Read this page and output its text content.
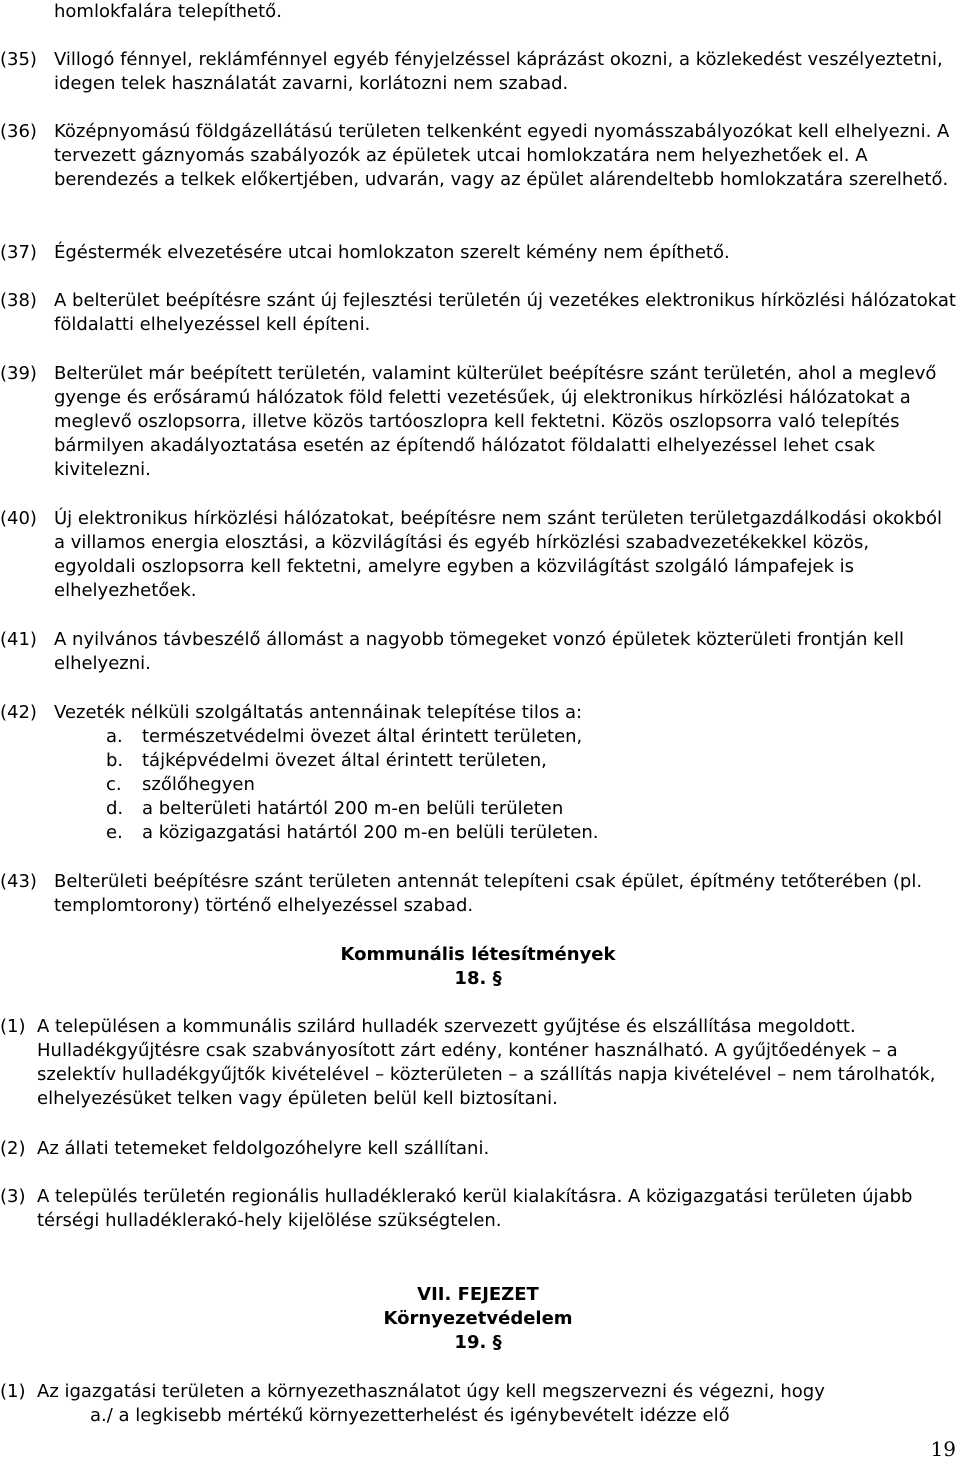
homlokfalára telepíthető.
(35) Villogó fénnyel, reklámfénnyel egyéb fényjelzéssel káprázást okozni, a közlekedést veszélyeztetni, idegen telek használatát zavarni, korlátozni nem szabad.
(36) Középnyomású földgázellátású területen telkenként egyedi nyomásszabályozókat kell elhelyezni. A tervezett gáznyomás szabályozók az épületek utcai homlokzatára nem helyezhetőek el. A berendezés a telkek előkertjében, udvarán, vagy az épület alárendeltebb homlokzatára szerelhető.
(37) Égéstermék elvezetésére utcai homlokzaton szerelt kémény nem építhető.
(38) A belterület beépítésre szánt új fejlesztési területén új vezetékes elektronikus hírközlési hálózatokat földalatti elhelyezéssel kell építeni.
(39) Belterület már beépített területén, valamint külterület beépítésre szánt területén, ahol a meglevő gyenge és erősáramú hálózatok föld feletti vezetésűek, új elektronikus hírközlési hálózatokat a meglevő oszlopsorra, illetve közös tartóoszlopra kell fektetni. Közös oszlopsorra való telepítés bármilyen akadályoztatása esetén az építendő hálózatot földalatti elhelyezéssel lehet csak kivitelezni.
(40) Új elektronikus hírközlési hálózatokat, beépítésre nem szánt területen területgazdálkodási okokból a villamos energia elosztási, a közvilágítási és egyéb hírközlési szabadvezetékekkel közös, egyoldali oszlopsorra kell fektetni, amelyre egyben a közvilágítást szolgáló lámpafejek is elhelyezhetőek.
(41) A nyilvános távbeszélő állomást a nagyobb tömegeket vonzó épületek közterületi frontján kell elhelyezni.
(42) Vezeték nélküli szolgáltatás antennáinak telepítése tilos a:
a.	természetvédelmi övezet által érintett területen,
b.	tájképvédelmi övezet által érintett területen,
c.	szőlőhegyen
d.	a belterületi határtól 200 m-en belüli területen
e.	a közigazgatási határtól 200 m-en belüli területen.
(43) Belterületi beépítésre szánt területen antennát telepíteni csak épület, építmény tetőterében (pl. templomtorony) történő elhelyezéssel szabad.
Kommunális létesítmények
18. §
(1) A településen a kommunális szilárd hulladék szervezett gyűjtése és elszállítása megoldott. Hulladékgyűjtésre csak szabványosított zárt edény, konténer használható. A gyűjtőedények – a szelektív hulladékgyűjtők kivételével – közterületen – a szállítás napja kivételével – nem tárolhatók, elhelyezésüket telken vagy épületen belül kell biztosítani.
(2) Az állati tetemeket feldolgozóhelyre kell szállítani.
(3) A település területén regionális hulladéklerakó kerül kialakításra. A közigazgatási területen újabb térségi hulladéklerakó-hely kijelölése szükségtelen.
VII. FEJEZET
Környezetvédelem
19. §
(1) Az igazgatási területen a környezethasználatot úgy kell megszervezni és végezni, hogy
a./ a legkisebb mértékű környezetterhelést és igénybevételt idézze elő
19
